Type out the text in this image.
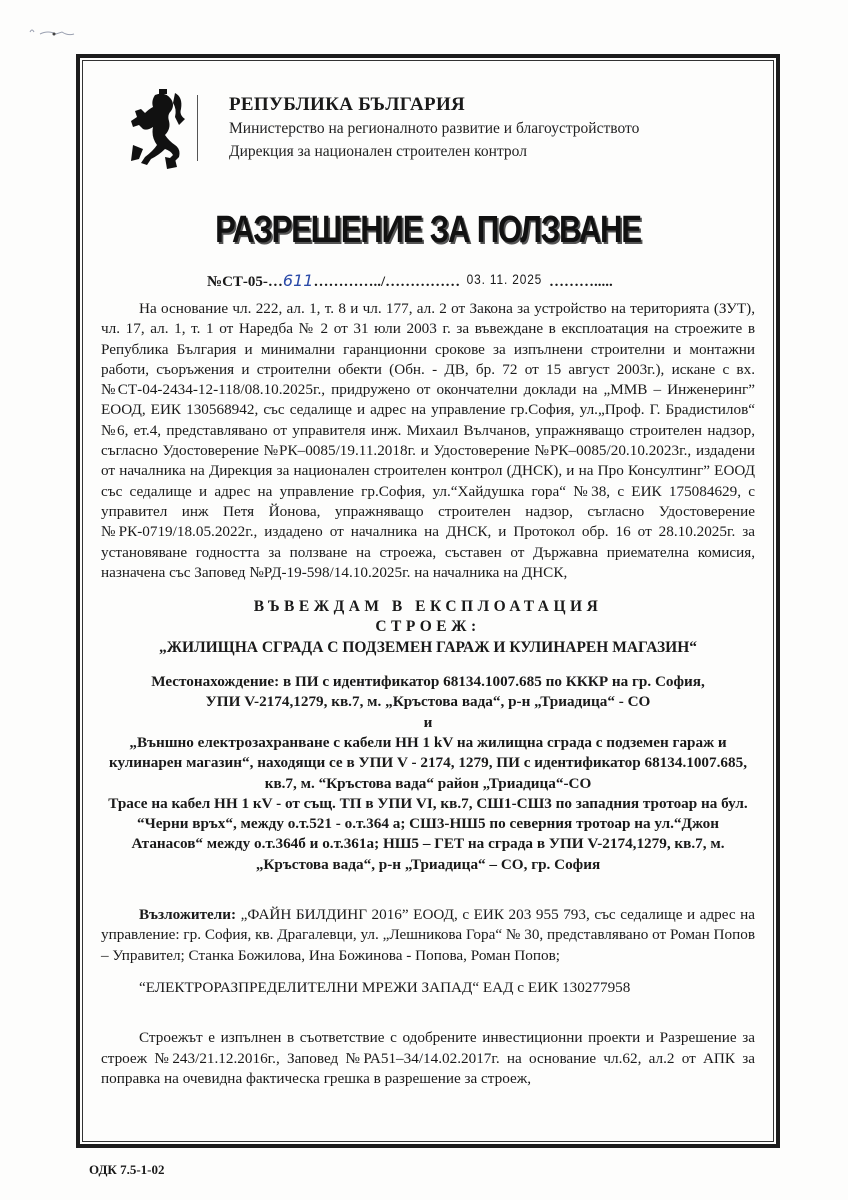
РЕПУБЛИКА БЪЛГАРИЯ
Министерство на регионалното развитие и благоустройството
Дирекция за национален строителен контрол
РАЗРЕШЕНИЕ ЗА ПОЛЗВАНЕ
№СТ-05-…611…………../…………… 03. 11. 2025 ……….....

На основание чл. 222, ал. 1, т. 8 и чл. 177, ал. 2 от Закона за устройство на територията (ЗУТ), чл. 17, ал. 1, т. 1 от Наредба № 2 от 31 юли 2003 г. за въвеждане в експлоатация на строежите в Република България и минимални гаранционни срокове за изпълнени строителни и монтажни работи, съоръжения и строителни обекти (Обн. - ДВ, бр. 72 от 15 август 2003г.), искане с вх.№СТ-04-2434-12-118/08.10.2025г., придружено от окончателни доклади на „ММВ – Инженеринг” ЕООД, ЕИК 130568942, със седалище и адрес на управление гр.София, ул.„Проф. Г. Брадистилов“ №6, ет.4, представлявано от управителя инж. Михаил Вълчанов, упражняващо строителен надзор, съгласно Удостоверение №РК–0085/19.11.2018г. и Удостоверение №РК–0085/20.10.2023г., издадени от началника на Дирекция за национален строителен контрол (ДНСК), и на Про Консултинг” ЕООД със седалище и адрес на управление гр.София, ул.“Хайдушка гора“ №38, с ЕИК 175084629, с управител инж Петя Йонова, упражняващо строителен надзор, съгласно Удостоверение №РК-0719/18.05.2022г., издадено от началника на ДНСК, и Протокол обр. 16 от 28.10.2025г. за установяване годността за ползване на строежа, съставен от Държавна приемателна комисия, назначена със Заповед №РД-19-598/14.10.2025г. на началника на ДНСК,

ВЪВЕЖДАМ В ЕКСПЛОАТАЦИЯ
СТРОЕЖ:
„ЖИЛИЩНА СГРАДА С ПОДЗЕМЕН ГАРАЖ И КУЛИНАРЕН МАГАЗИН“
Местонахождение: в ПИ с идентификатор 68134.1007.685 по КККР на гр. София,
УПИ V-2174,1279, кв.7, м. „Кръстова вада“, р-н „Триадица“ - СО
и
„Външно електрозахранване с кабели НН 1 kV на жилищна сграда с подземен гараж и кулинарен магазин“, находящи се в УПИ V - 2174, 1279, ПИ с идентификатор 68134.1007.685, кв.7, м. “Кръстова вада“ район „Триадица“-СО
Трасе на кабел НН 1 кV - от същ. ТП в УПИ VI, кв.7, СШ1-СШ3 по западния тротоар на бул. “Черни връх“, между о.т.521 - о.т.364 а; СШ3-НШ5 по северния тротоар на ул.“Джон Атанасов“ между о.т.364б и о.т.361а; НШ5 – ГЕТ на сграда в УПИ V-2174,1279, кв.7, м. „Кръстова вада“, р-н „Триадица“ – СО, гр. София

Възложители: „ФАЙН БИЛДИНГ 2016” ЕООД, с ЕИК 203 955 793, със седалище и адрес на управление: гр. София, кв. Драгалевци, ул. „Лешникова Гора“ № 30, представлявано от Роман Попов – Управител; Станка Божилова, Ина Божинова - Попова, Роман Попов;

“ЕЛЕКТРОРАЗПРЕДЕЛИТЕЛНИ МРЕЖИ ЗАПАД“ ЕАД с ЕИК 130277958

Строежът е изпълнен в съответствие с одобрените инвестиционни проекти и Разрешение за строеж №243/21.12.2016г., Заповед №РА51–34/14.02.2017г. на основание чл.62, ал.2 от АПК за поправка на очевидна фактическа грешка в разрешение за строеж,

ОДК 7.5-1-02
